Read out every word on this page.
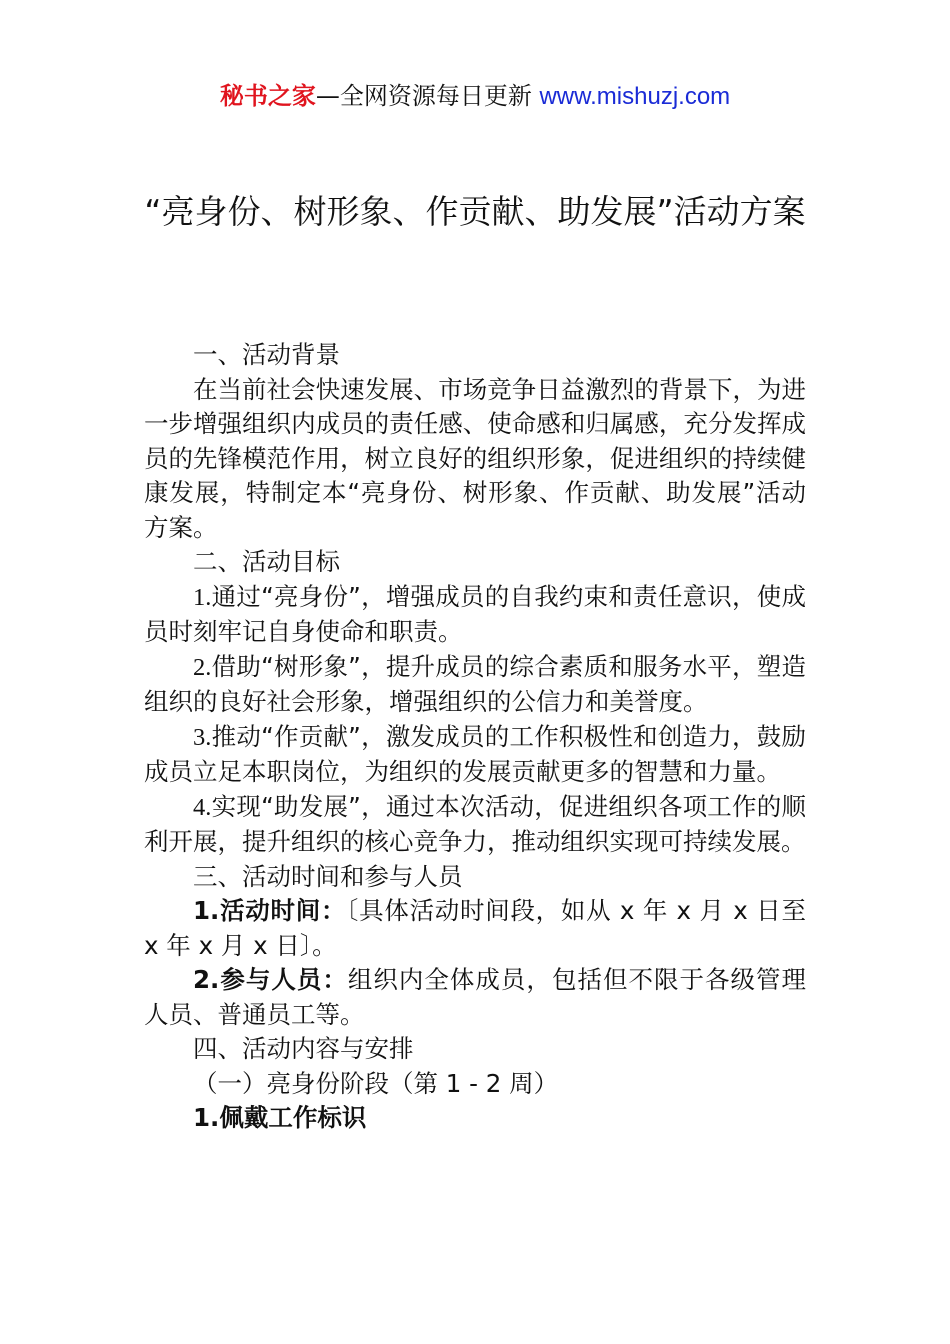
秘书之家—全网资源每日更新 www.mishuzj.com
“亮身份、树形象、作贡献、助发展”活动方案

一、活动背景

在当前社会快速发展、市场竞争日益激烈的背景下，为进一步增强组织内成员的责任感、使命感和归属感，充分发挥成员的先锋模范作用，树立良好的组织形象，促进组织的持续健康发展，特制定本“亮身份、树形象、作贡献、助发展”活动方案。

二、活动目标

1.通过“亮身份”，增强成员的自我约束和责任意识，使成员时刻牢记自身使命和职责。

2.借助“树形象”，提升成员的综合素质和服务水平，塑造组织的良好社会形象，增强组织的公信力和美誉度。

3.推动“作贡献”，激发成员的工作积极性和创造力，鼓励成员立足本职岗位，为组织的发展贡献更多的智慧和力量。

4.实现“助发展”，通过本次活动，促进组织各项工作的顺利开展，提升组织的核心竞争力，推动组织实现可持续发展。

三、活动时间和参与人员

1.活动时间：〔具体活动时间段，如从 x 年 x 月 x 日至 x 年 x 月 x 日〕。

2.参与人员：组织内全体成员，包括但不限于各级管理人员、普通员工等。

四、活动内容与安排

（一）亮身份阶段（第 1 - 2 周）

1.佩戴工作标识
